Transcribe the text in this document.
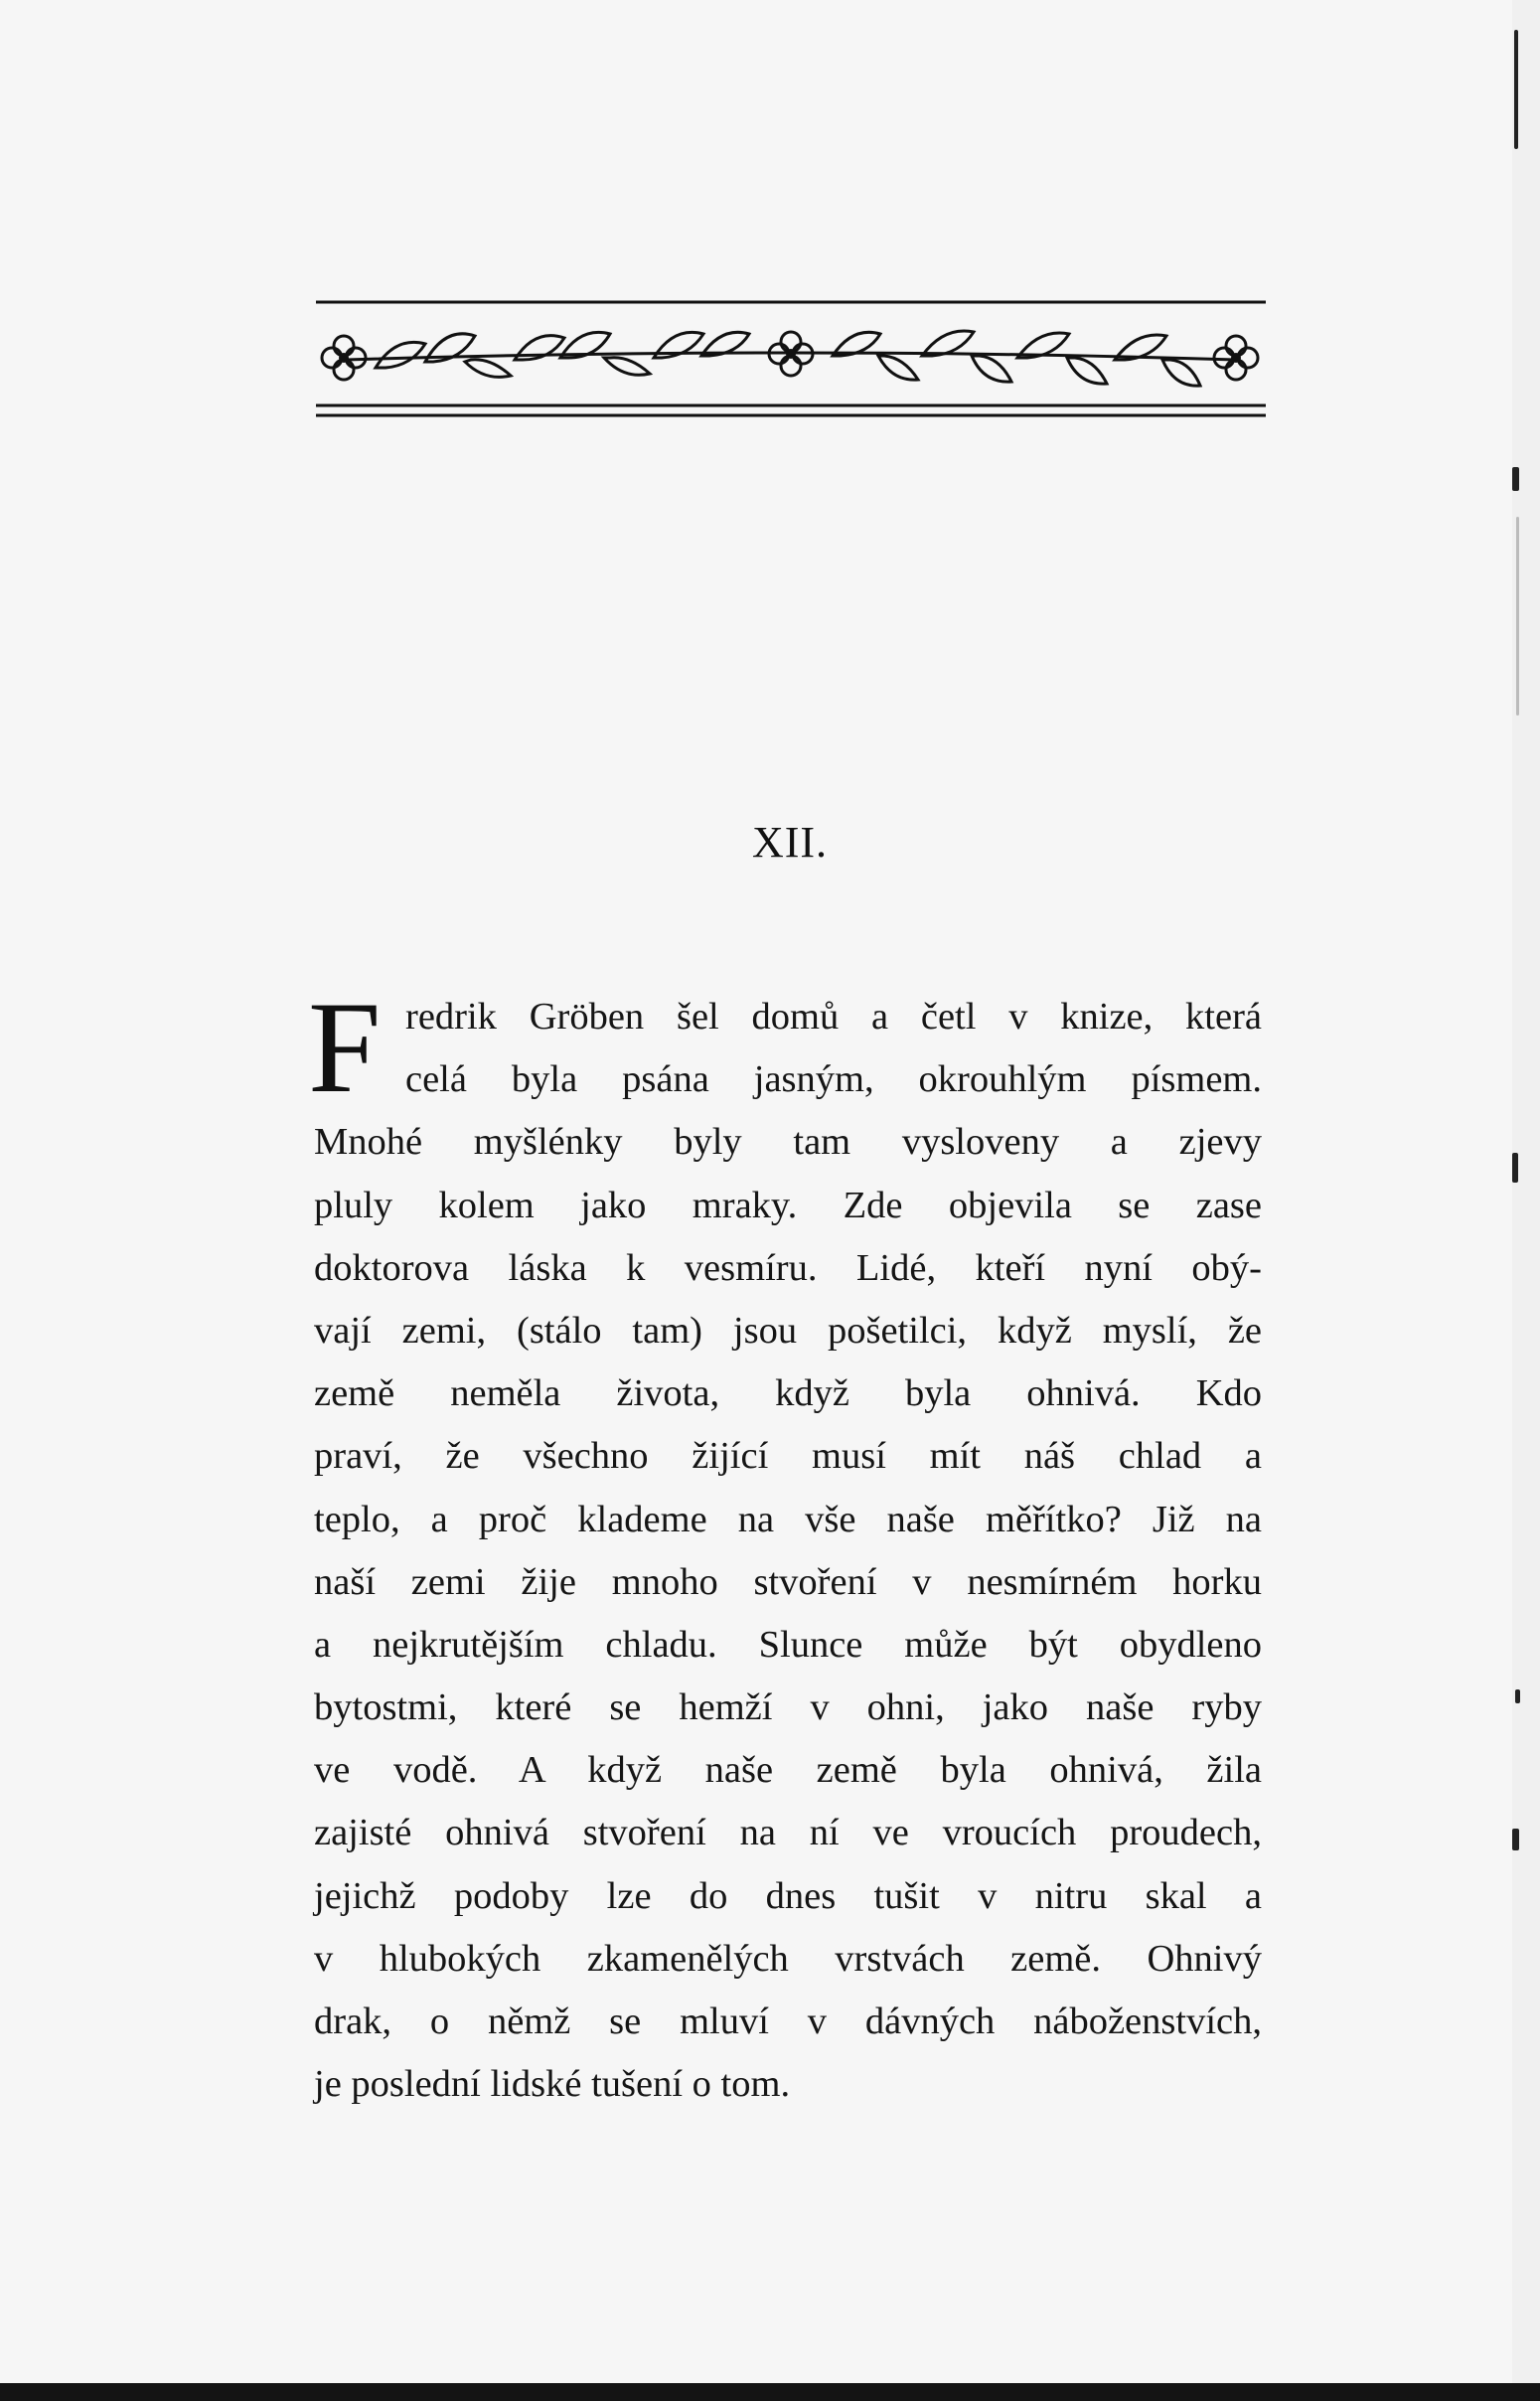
XII.
F redrik Gröben šel domů a četl v knize, která
celá byla psána jasným, okrouhlým písmem.
Mnohé myšlénky byly tam vysloveny a zjevy
pluly kolem jako mraky. Zde objevila se zase
doktorova láska k vesmíru. Lidé, kteří nyní obý-
vají zemi, (stálo tam) jsou pošetilci, když myslí, že
země neměla života, když byla ohnivá. Kdo
praví, že všechno žijící musí mít náš chlad a
teplo, a proč klademe na vše naše měřítko? Již na
naší zemi žije mnoho stvoření v nesmírném horku
a nejkrutějším chladu. Slunce může být obydleno
bytostmi, které se hemží v ohni, jako naše ryby
ve vodě. A když naše země byla ohnivá, žila
zajisté ohnivá stvoření na ní ve vroucích proudech,
jejichž podoby lze do dnes tušit v nitru skal a
v hlubokých zkamenělých vrstvách země. Ohnivý
drak, o němž se mluví v dávných náboženstvích,
je poslední lidské tušení o tom.
